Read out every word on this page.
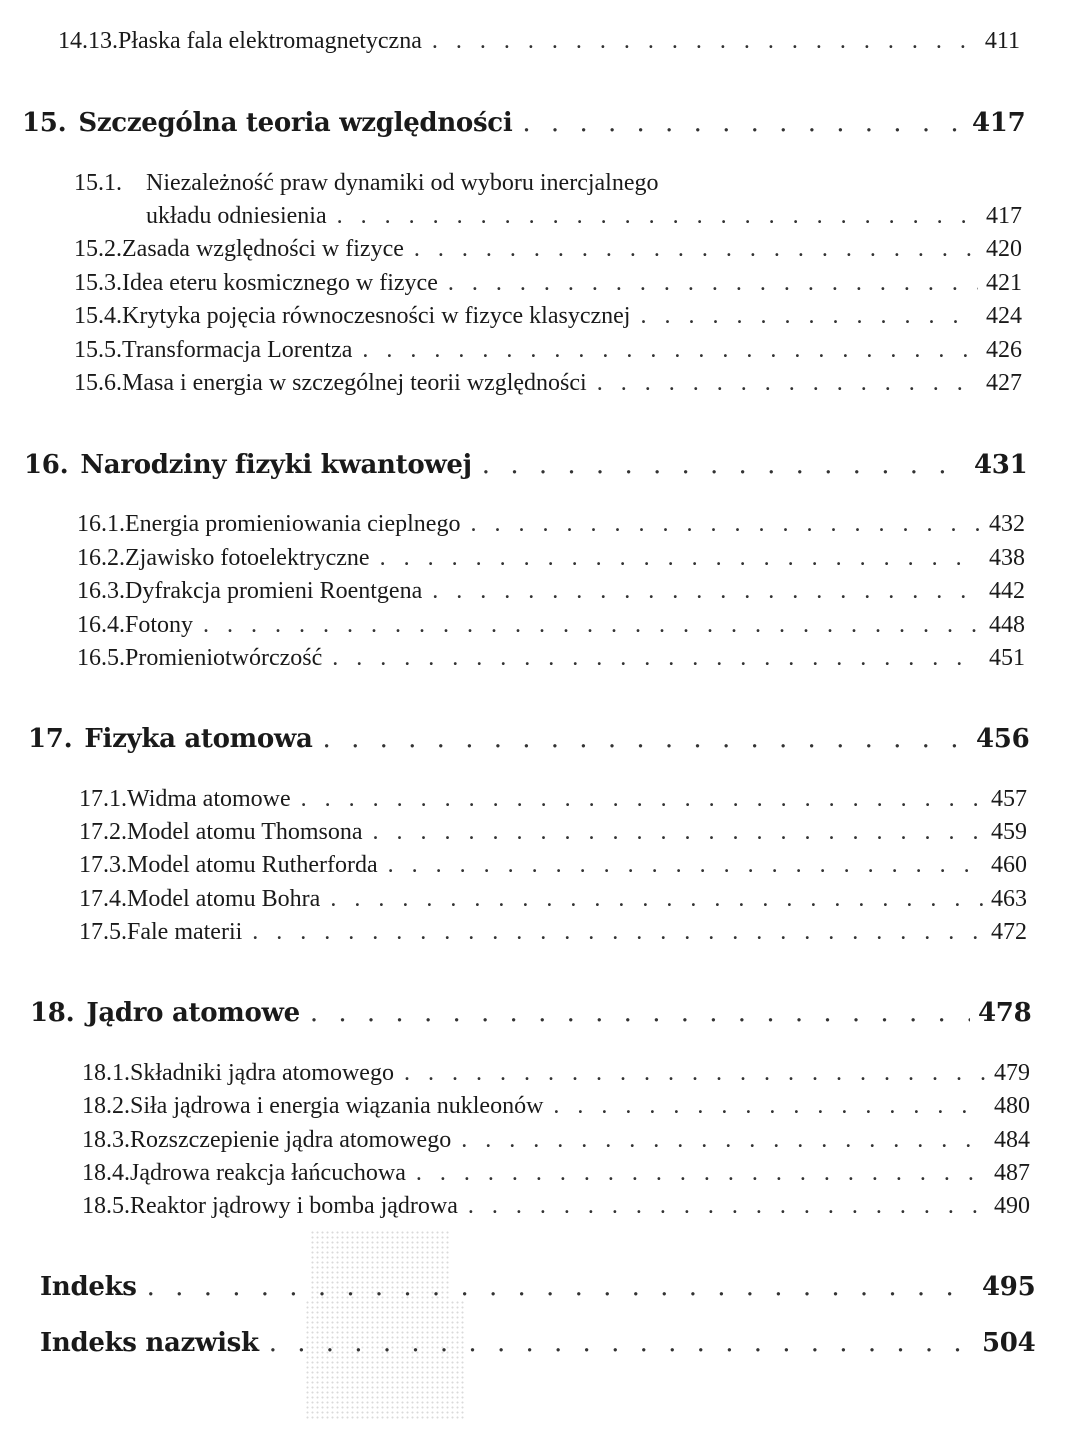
14.13. Płaska fala elektromagnetyczna . . .	411
15. Szczególna teoria względności . . .	417
15.1. Niezależność praw dynamiki od wyboru inercjalnego
układu odniesienia . . .	417
15.2. Zasada względności w fizyce . . .	420
15.3. Idea eteru kosmicznego w fizyce . . .	421
15.4. Krytyka pojęcia równoczesności w fizyce klasycznej . . .	424
15.5. Transformacja Lorentza . . .	426
15.6. Masa i energia w szczególnej teorii względności . . .	427
16. Narodziny fizyki kwantowej . . .	431
16.1. Energia promieniowania cieplnego . . .	432
16.2. Zjawisko fotoelektryczne . . .	438
16.3. Dyfrakcja promieni Roentgena . . .	442
16.4. Fotony . . .	448
16.5. Promieniotwórczość . . .	451
17. Fizyka atomowa . . .	456
17.1. Widma atomowe . . .	457
17.2. Model atomu Thomsona . . .	459
17.3. Model atomu Rutherforda . . .	460
17.4. Model atomu Bohra . . .	463
17.5. Fale materii . . .	472
18. Jądro atomowe . . .	478
18.1. Składniki jądra atomowego . . .	479
18.2. Siła jądrowa i energia wiązania nukleonów . . .	480
18.3. Rozszczepienie jądra atomowego . . .	484
18.4. Jądrowa reakcja łańcuchowa . . .	487
18.5. Reaktor jądrowy i bomba jądrowa . . .	490
Indeks . . .	495
Indeks nazwisk . . .	504
